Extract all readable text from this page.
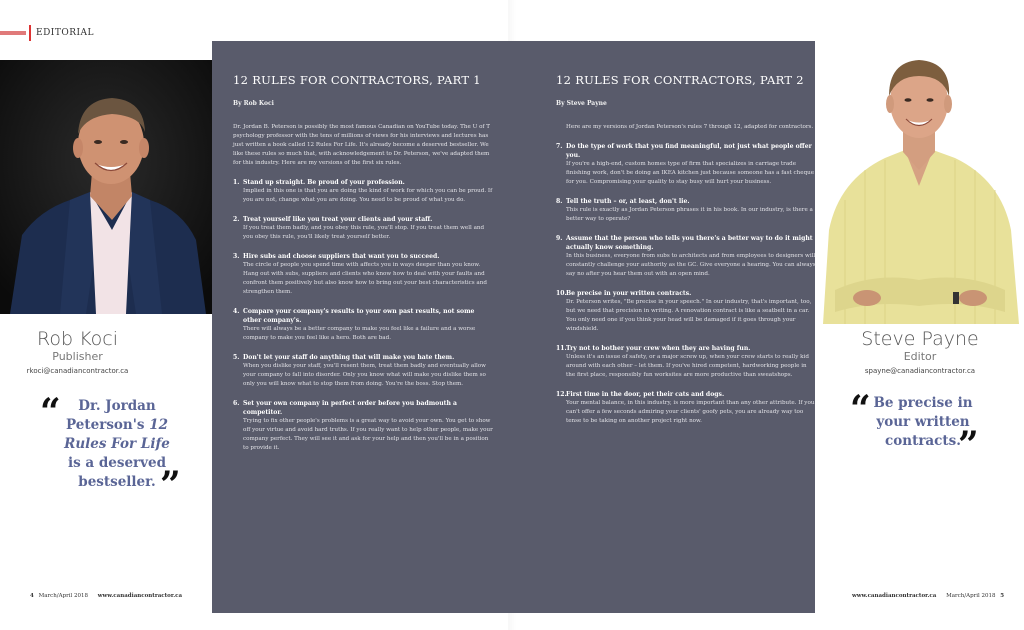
EDITORIAL
Rob Koci
Publisher
rkoci@canadiancontractor.ca
“	Dr. Jordan Peterson's 12 Rules For Life is a deserved bestseller. ”
Steve Payne
Editor
spayne@canadiancontractor.ca
“ Be precise in your written contracts.
”
12 RULES FOR CONTRACTORS, PART 1
By Rob Koci
Dr. Jordan B. Peterson is possibly the most famous Canadian on YouTube today. The U of T psychology professor with the tens of millions of views for his interviews and lectures has just written a book called 12 Rules For Life. It's already become a deserved bestseller. We like these rules so much that, with acknowledgement to Dr. Peterson, we've adapted them for this industry. Here are my versions of the first six rules.
1. Stand up straight. Be proud of your profession.
Implied in this one is that you are doing the kind of work for which you can be proud. If you are not, change what you are doing. You need to be proud of what you do.
2. Treat yourself like you treat your clients and your staff.
If you treat them badly, and you obey this rule, you'll stop. If you treat them well and you obey this rule, you'll likely treat yourself better.
3. Hire subs and choose suppliers that want you to succeed.
The circle of people you spend time with affects you in ways deeper than you know. Hang out with subs, suppliers and clients who know how to deal with your faults and confront them positively but also know how to bring out your best characteristics and strengthen them.
4. Compare your company's results to your own past results, not some other company's.
There will always be a better company to make you feel like a failure and a worse company to make you feel like a hero. Both are bad.
5. Don't let your staff do anything that will make you hate them.
When you dislike your staff, you'll resent them, treat them badly and eventually allow your company to fall into disorder. Only you know what will make you dislike them so only you will know what to stop them from doing. You're the boss. Stop them.
6. Set your own company in perfect order before you badmouth a competitor.
Trying to fix other people's problems is a great way to avoid your own. You get to show off your virtue and avoid hard truths. If you really want to help other people, make your company perfect. They will see it and ask for your help and then you'll be in a position to provide it.
12 RULES FOR CONTRACTORS, PART 2
By Steve Payne
Here are my versions of Jordan Peterson's rules 7 through 12, adapted for contractors.
7. Do the type of work that you find meaningful, not just what people offer you.
If you're a high-end, custom homes type of firm that specializes in carriage trade finishing work, don't be doing an IKEA kitchen just because someone has a fast cheque for you. Compromising your quality to stay busy will hurt your business.
8. Tell the truth – or, at least, don't lie.
This rule is exactly as Jordan Peterson phrases it in his book. In our industry, is there a better way to operate?
9. Assume that the person who tells you there's a better way to do it might actually know something.
In this business, everyone from subs to architects and from employees to designers will constantly challenge your authority as the GC. Give everyone a hearing. You can always say no after you hear them out with an open mind.
10. Be precise in your written contracts.
Dr. Peterson writes, "Be precise in your speech." In our industry, that's important, too, but we need that precision in writing. A renovation contract is like a seatbelt in a car. You only need one if you think your head will be damaged if it goes through your windshield.
11. Try not to bother your crew when they are having fun.
Unless it's an issue of safety, or a major screw up, when your crew starts to really kid around with each other – let them. If you've hired competent, hardworking people in the first place, responsibly fun worksites are more productive than sweatshops.
12. First time in the door, pet their cats and dogs.
Your mental balance, in this industry, is more important than any other attribute. If you can't offer a few seconds admiring your clients' goofy pets, you are already way too tense to be taking on another project right now.
4 March/April 2018 www.canadiancontractor.ca	www.canadiancontractor.ca March/April 2018 5
